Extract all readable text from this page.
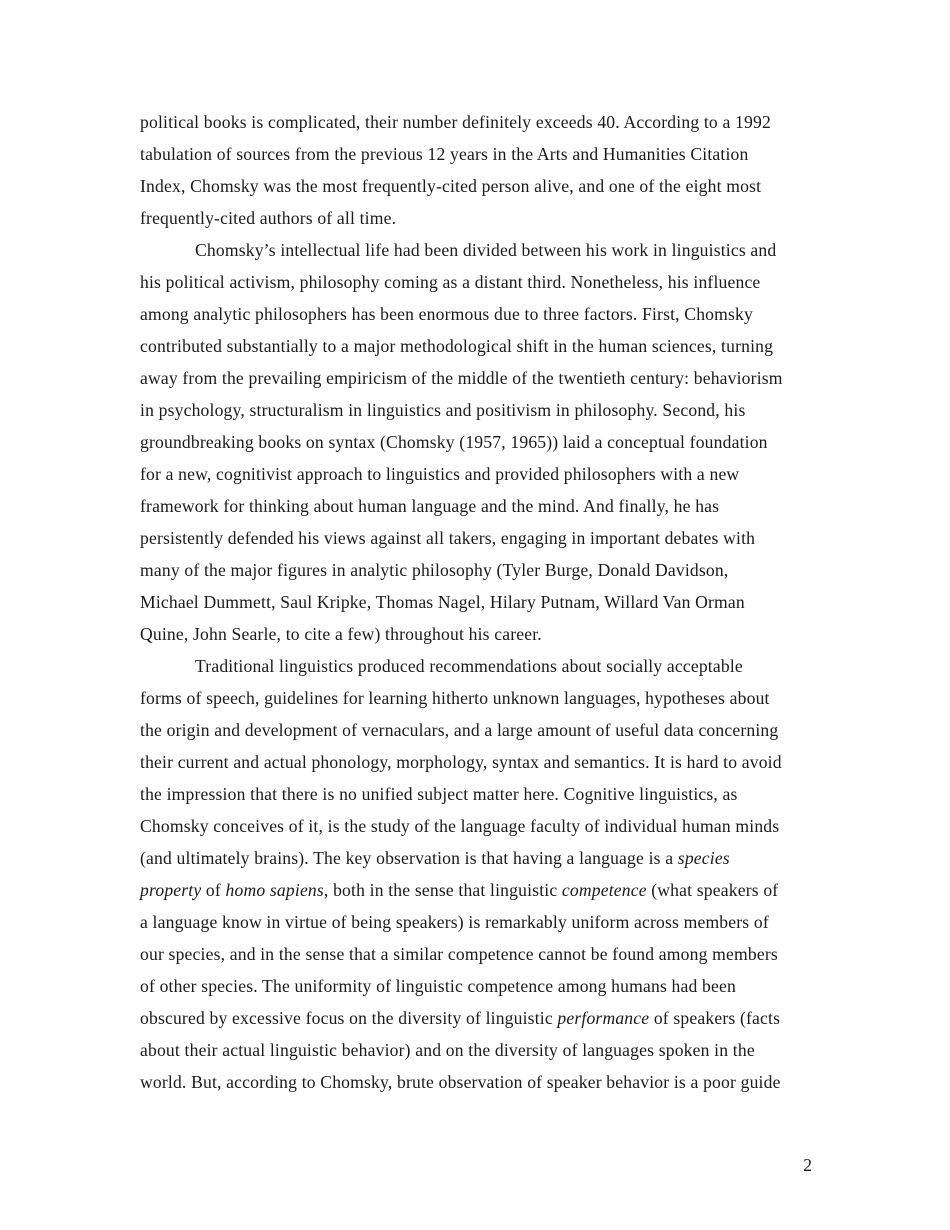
political books is complicated, their number definitely exceeds 40. According to a 1992
tabulation of sources from the previous 12 years in the Arts and Humanities Citation
Index, Chomsky was the most frequently-cited person alive, and one of the eight most
frequently-cited authors of all time.
Chomsky’s intellectual life had been divided between his work in linguistics and
his political activism, philosophy coming as a distant third. Nonetheless, his influence
among analytic philosophers has been enormous due to three factors. First, Chomsky
contributed substantially to a major methodological shift in the human sciences, turning
away from the prevailing empiricism of the middle of the twentieth century: behaviorism
in psychology, structuralism in linguistics and positivism in philosophy. Second, his
groundbreaking books on syntax (Chomsky (1957, 1965)) laid a conceptual foundation
for a new, cognitivist approach to linguistics and provided philosophers with a new
framework for thinking about human language and the mind. And finally, he has
persistently defended his views against all takers, engaging in important debates with
many of the major figures in analytic philosophy (Tyler Burge, Donald Davidson,
Michael Dummett, Saul Kripke, Thomas Nagel, Hilary Putnam, Willard Van Orman
Quine, John Searle, to cite a few) throughout his career.
Traditional linguistics produced recommendations about socially acceptable
forms of speech, guidelines for learning hitherto unknown languages, hypotheses about
the origin and development of vernaculars, and a large amount of useful data concerning
their current and actual phonology, morphology, syntax and semantics. It is hard to avoid
the impression that there is no unified subject matter here. Cognitive linguistics, as
Chomsky conceives of it, is the study of the language faculty of individual human minds
(and ultimately brains). The key observation is that having a language is a species
property of homo sapiens, both in the sense that linguistic competence (what speakers of
a language know in virtue of being speakers) is remarkably uniform across members of
our species, and in the sense that a similar competence cannot be found among members
of other species. The uniformity of linguistic competence among humans had been
obscured by excessive focus on the diversity of linguistic performance of speakers (facts
about their actual linguistic behavior) and on the diversity of languages spoken in the
world. But, according to Chomsky, brute observation of speaker behavior is a poor guide
2
